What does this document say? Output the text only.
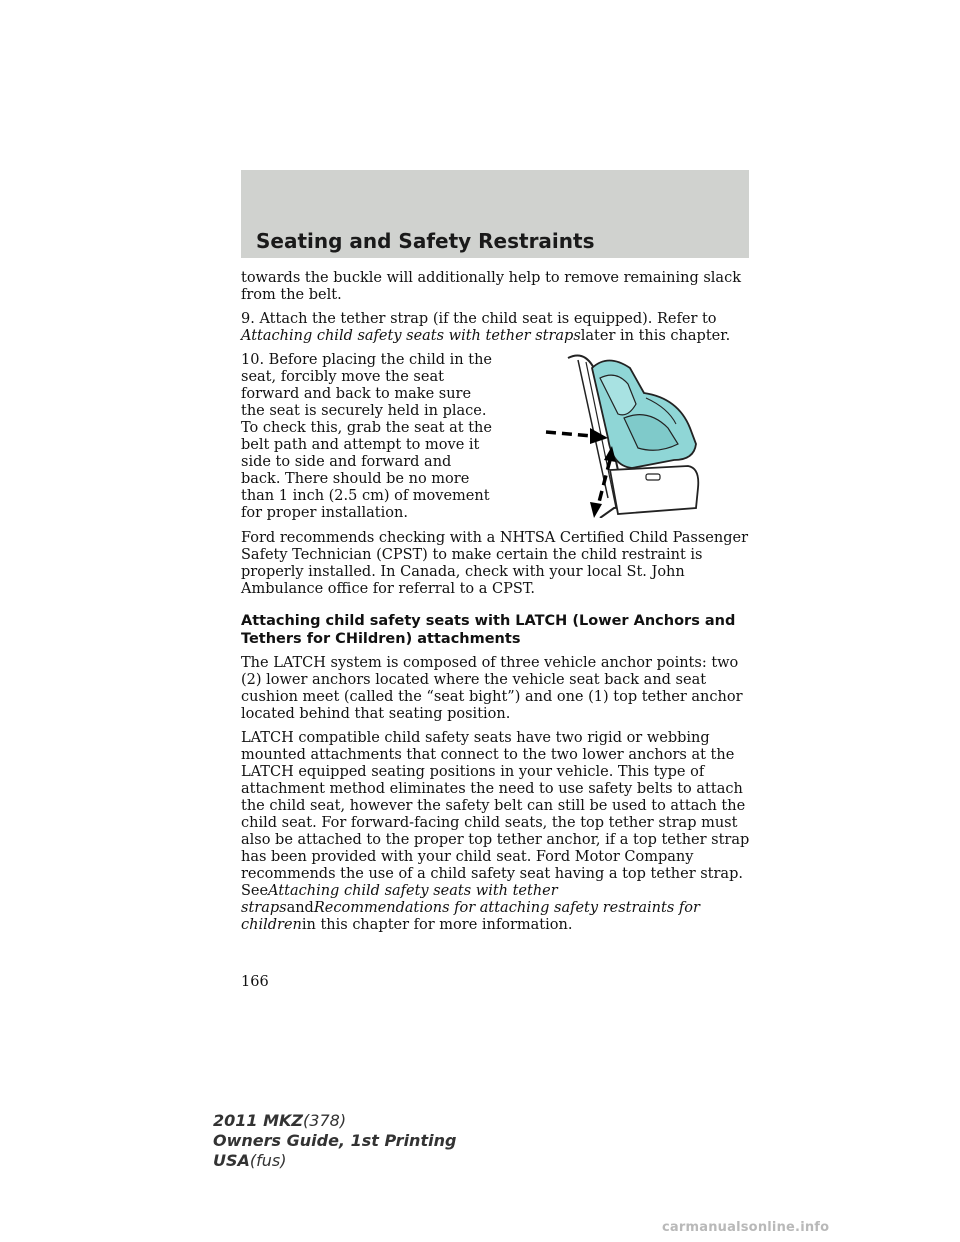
Seating and Safety Restraints

towards the buckle will additionally help to remove remaining slack from the belt.

9. Attach the tether strap (if the child seat is equipped). Refer to Attaching child safety seats with tether strapslater in this chapter.

10. Before placing the child in the seat, forcibly move the seat forward and back to make sure the seat is securely held in place. To check this, grab the seat at the belt path and attempt to move it side to side and forward and back. There should be no more than 1 inch (2.5 cm) of movement for proper installation.

Ford recommends checking with a NHTSA Certified Child Passenger Safety Technician (CPST) to make certain the child restraint is properly installed. In Canada, check with your local St. John Ambulance office for referral to a CPST.

Attaching child safety seats with LATCH (Lower Anchors and Tethers for CHildren) attachments

The LATCH system is composed of three vehicle anchor points: two (2) lower anchors located where the vehicle seat back and seat cushion meet (called the “seat bight”) and one (1) top tether anchor located behind that seating position.

LATCH compatible child safety seats have two rigid or webbing mounted attachments that connect to the two lower anchors at the LATCH equipped seating positions in your vehicle. This type of attachment method eliminates the need to use safety belts to attach the child seat, however the safety belt can still be used to attach the child seat. For forward-facing child seats, the top tether strap must also be attached to the proper top tether anchor, if a top tether strap has been provided with your child seat. Ford Motor Company recommends the use of a child safety seat having a top tether strap. SeeAttaching child safety seats with tether strapsandRecommendations for attaching safety restraints for childrenin this chapter for more information.

166
2011 MKZ(378)
Owners Guide, 1st Printing
USA(fus)
carmanualsonline.info
